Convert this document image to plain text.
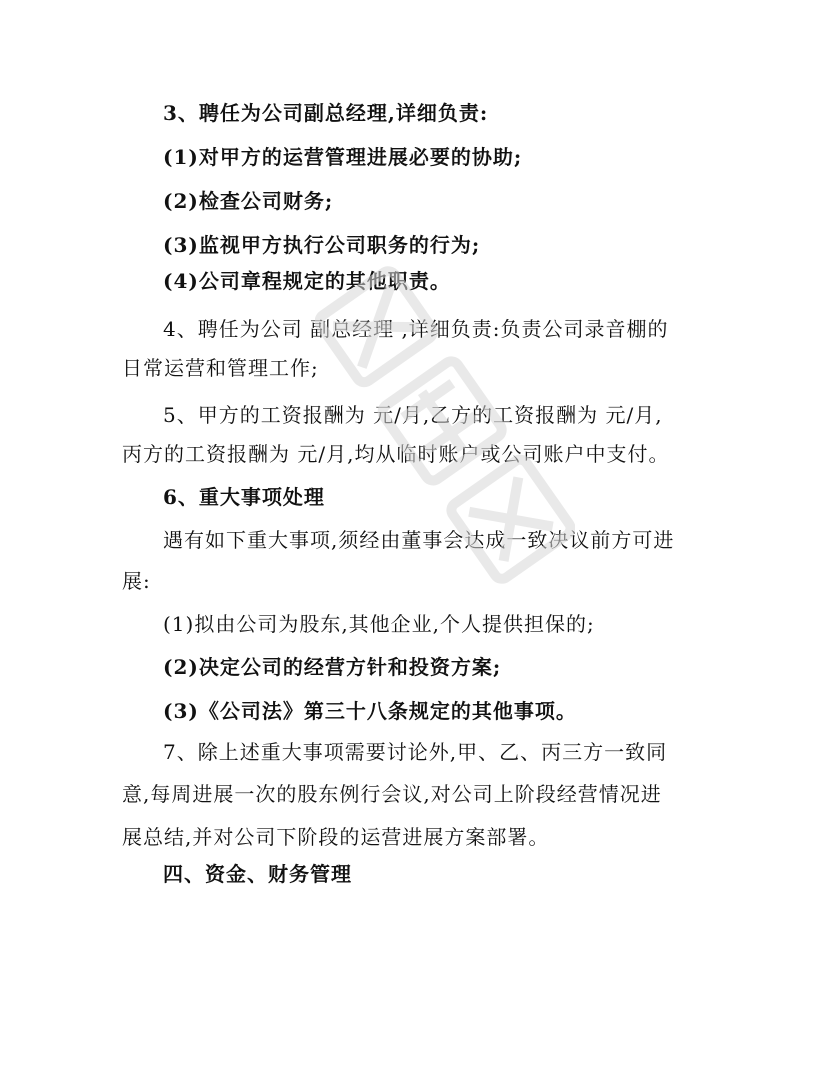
3、聘任为公司副总经理,详细负责:
(1)对甲方的运营管理进展必要的协助;
(2)检查公司财务;
(3)监视甲方执行公司职务的行为;
(4)公司章程规定的其他职责。
4、聘任为公司 副总经理 ,详细负责:负责公司录音棚的
日常运营和管理工作;
5、甲方的工资报酬为 元/月,乙方的工资报酬为 元/月,
丙方的工资报酬为 元/月,均从临时账户或公司账户中支付。
6、重大事项处理
遇有如下重大事项,须经由董事会达成一致决议前方可进
展:
(1)拟由公司为股东,其他企业,个人提供担保的;
(2)决定公司的经营方针和投资方案;
(3)《公司法》第三十八条规定的其他事项。
7、除上述重大事项需要讨论外,甲、乙、丙三方一致同
意,每周进展一次的股东例行会议,对公司上阶段经营情况进
展总结,并对公司下阶段的运营进展方案部署。
四、资金、财务管理
